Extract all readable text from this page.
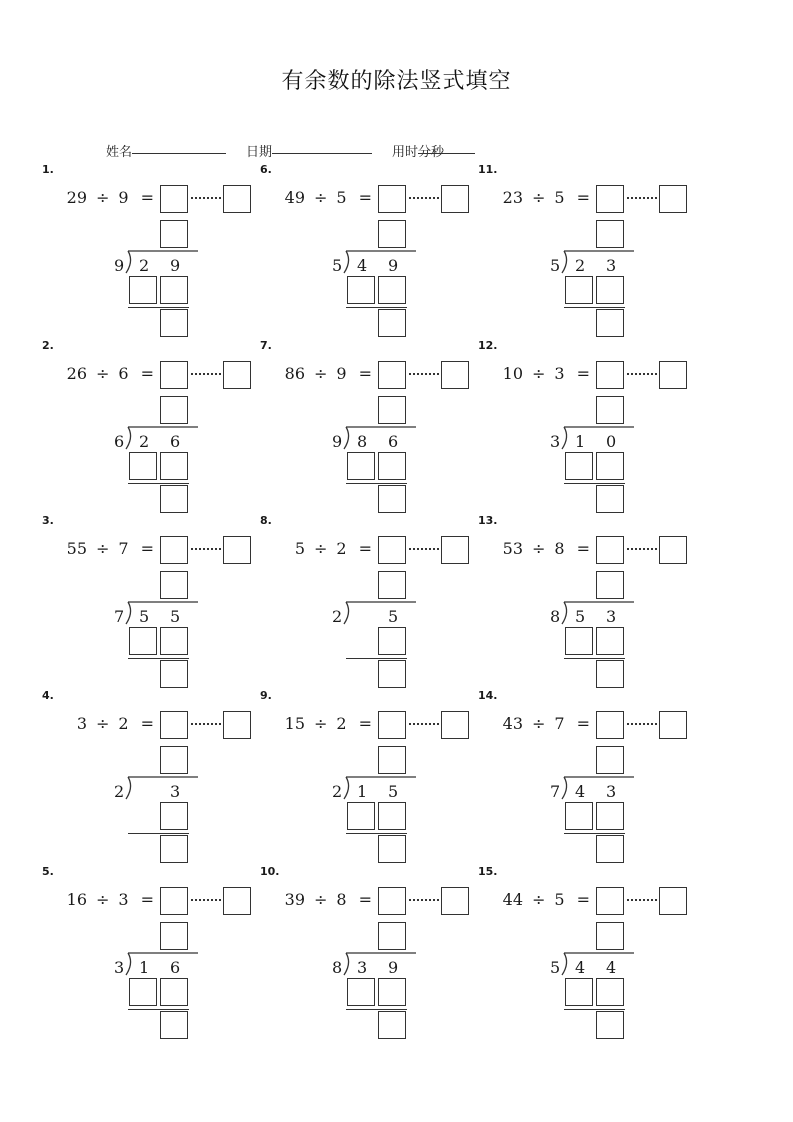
有余数的除法竖式填空
姓名	日期	用时
分
秒
1.
29 ÷ 9 =
9 2 9
2.
26 ÷ 6 =
6 2 6
3.
55 ÷ 7 =
7 5 5
4.
3 ÷ 2 =
2	3
5.
16 ÷ 3 =
3 1 6
6.
49 ÷ 5 =
5 4 9
7.
86 ÷ 9 =
9 8 6
8.
5 ÷ 2 =
2	5
9.
15 ÷ 2 =
2 1 5
10.
39 ÷ 8 =
8 3 9
11.
23 ÷ 5 =
5 2 3
12.
10 ÷ 3 =
3 1 0
13.
53 ÷ 8 =
8 5 3
14.
43 ÷ 7 =
7 4 3
15.
44 ÷ 5 =
5 4 4
